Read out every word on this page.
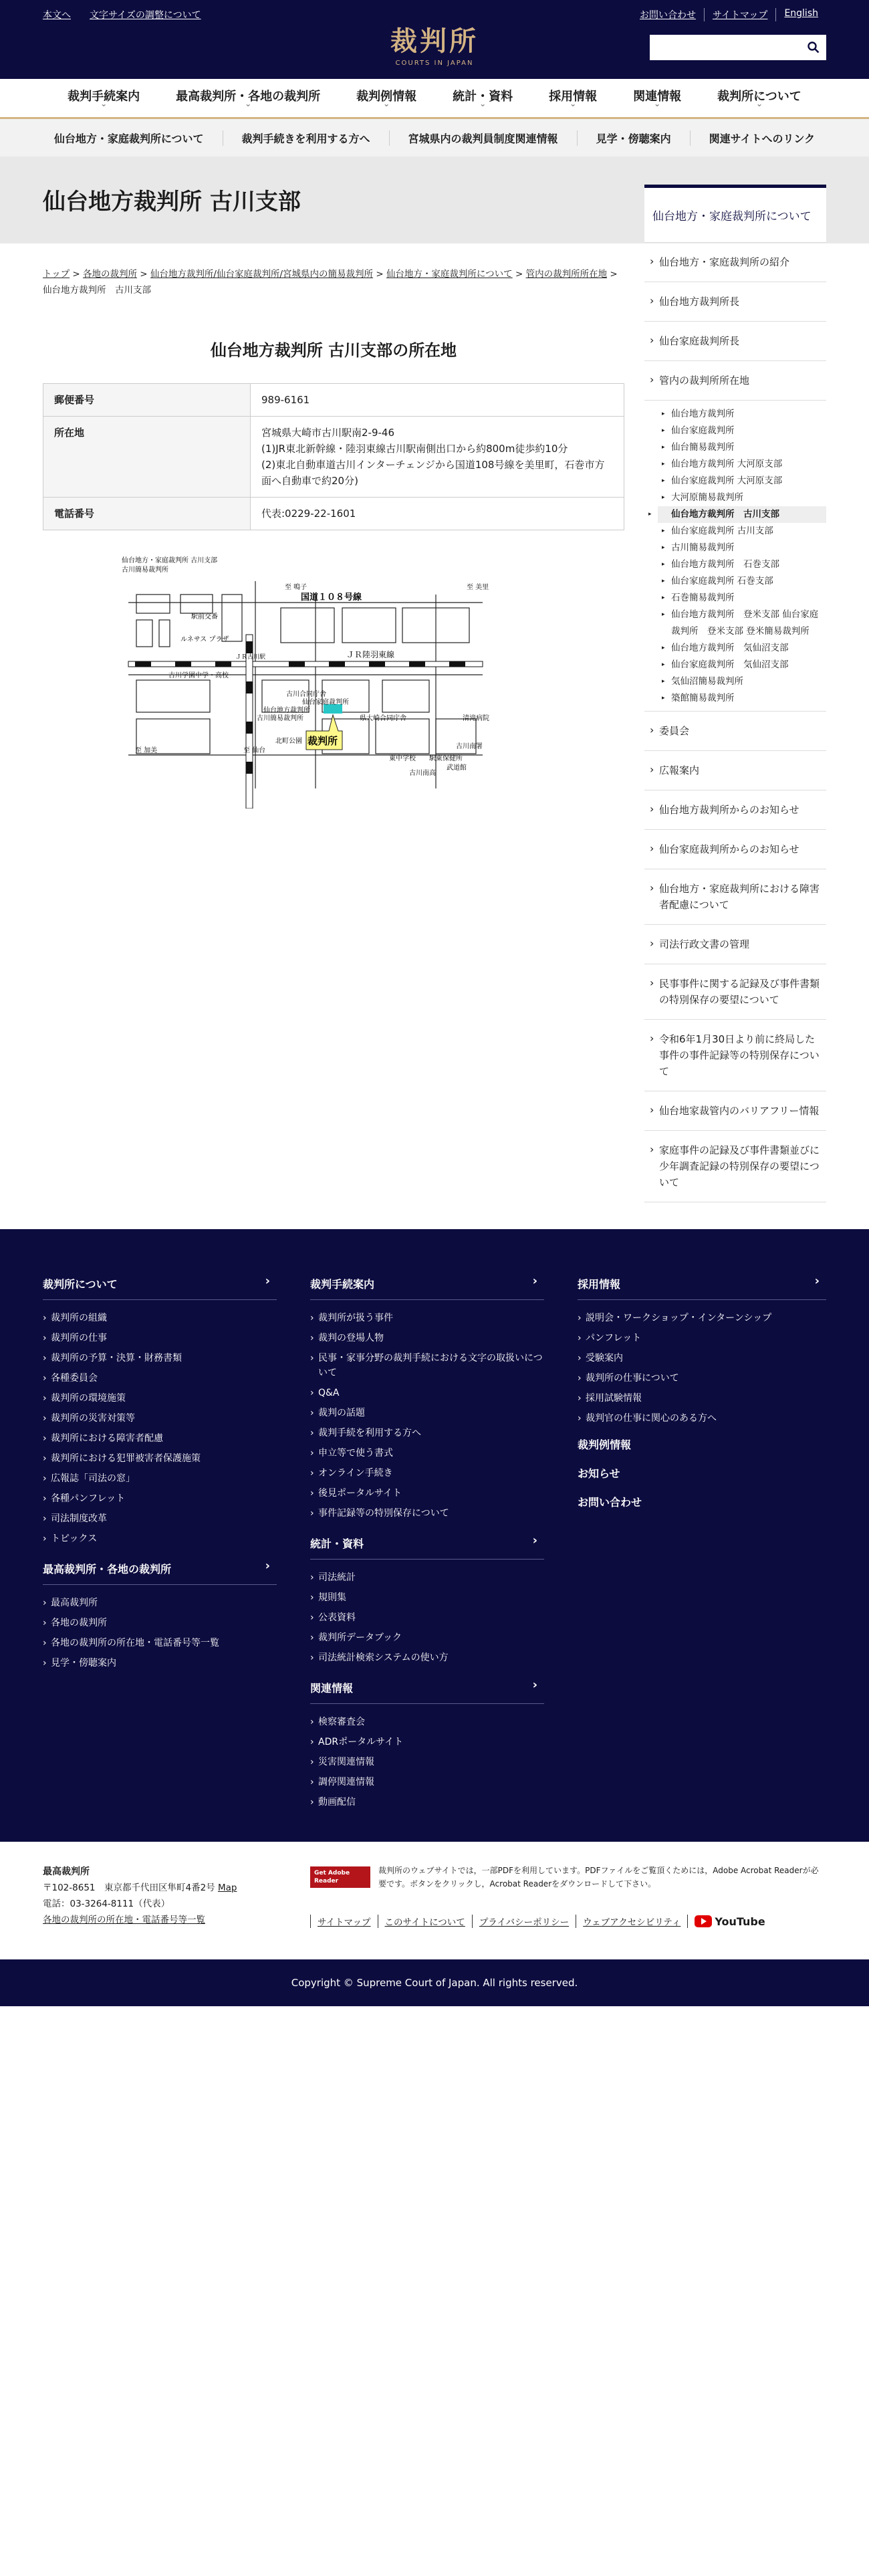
本文へ 文字サイズの調整について	お問い合わせ	サイトマップ	English
裁判所
COURTS IN JAPAN
裁判手続案内 ⌄	最高裁判所・各地の裁判所 ⌄	裁判例情報 ⌄	統計・資料 ⌄	採用情報 ⌄	関連情報 ⌄	裁判所について ⌄
仙台地方・家庭裁判所について	裁判手続きを利用する方へ	宮城県内の裁判員制度関連情報	見学・傍聴案内	関連サイトへのリンク
仙台地方裁判所 古川支部
トップ > 各地の裁判所 > 仙台地方裁判所/仙台家庭裁判所/宮城県内の簡易裁判所 > 仙台地方・家庭裁判所について > 管内の裁判所所在地 > 仙台地方裁判所　古川支部
仙台地方裁判所 古川支部の所在地
郵便番号	989-6161
所在地	宮城県大崎市古川駅南2-9-46
(1)JR東北新幹線・陸羽東線古川駅南側出口から約800m徒歩約10分
(2)東北自動車道古川インターチェンジから国道108号線を美里町，石巻市方面へ自動車で約20分)

電話番号	代表:0229-22-1601
仙台地方・家庭裁判所 古川支部
古川簡易裁判所
至 鳴子
国道１０８号線
至 美里
駅前交番
ルネサス プラザ
ＪＲ古川駅	ＪＲ陸羽東線
古川学園中学・高校
古川合同庁舎
仙台家庭裁判所
古川簡易裁判所
仙台地方裁判所
裁判所
県大崎合同庁舎	清滝病院
至 加美	至 仙台
北町公園
東中学校 駅東保健所
古川南署
武道館
古川南高
仙台地方・家庭裁判所について
› 仙台地方・家庭裁判所の紹介
› 仙台地方裁判所長
› 仙台家庭裁判所長
› 管内の裁判所所在地
▸ 仙台地方裁判所
▸ 仙台家庭裁判所
▸ 仙台簡易裁判所
▸ 仙台地方裁判所 大河原支部
▸ 仙台家庭裁判所 大河原支部
▸ 大河原簡易裁判所
▸ 仙台地方裁判所　古川支部
▸ 仙台家庭裁判所 古川支部
▸ 古川簡易裁判所
▸ 仙台地方裁判所　石巻支部
▸ 仙台家庭裁判所 石巻支部
▸ 石巻簡易裁判所
▸ 仙台地方裁判所　登米支部 仙台家庭裁判所　登米支部 登米簡易裁判所
▸ 仙台地方裁判所　気仙沼支部
▸ 仙台家庭裁判所　気仙沼支部
▸ 気仙沼簡易裁判所
▸ 築館簡易裁判所
› 委員会
› 広報案内
› 仙台地方裁判所からのお知らせ
› 仙台家庭裁判所からのお知らせ
› 仙台地方・家庭裁判所における障害者配慮について
› 司法行政文書の管理
› 民事事件に関する記録及び事件書類の特別保存の要望について
› 令和6年1月30日より前に終局した事件の事件記録等の特別保存について
› 仙台地家裁管内のバリアフリー情報
› 家庭事件の記録及び事件書類並びに少年調査記録の特別保存の要望について
裁判所について ›
› 裁判所の組織
› 裁判所の仕事
› 裁判所の予算・決算・財務書類
› 各種委員会
› 裁判所の環境施策
› 裁判所の災害対策等
› 裁判所における障害者配慮
› 裁判所における犯罪被害者保護施策
› 広報誌「司法の窓」
› 各種パンフレット
› 司法制度改革
› トピックス
最高裁判所・各地の裁判所 ›
› 最高裁判所
› 各地の裁判所
› 各地の裁判所の所在地・電話番号等一覧
› 見学・傍聴案内
裁判手続案内 ›
› 裁判所が扱う事件
› 裁判の登場人物
› 民事・家事分野の裁判手続における文字の取扱いについて
› Q&A
› 裁判の話題
› 裁判手続を利用する方へ
› 申立等で使う書式
› オンライン手続き
› 後見ポータルサイト
› 事件記録等の特別保存について
統計・資料 ›
› 司法統計
› 規則集
› 公表資料
› 裁判所データブック
› 司法統計検索システムの使い方
関連情報 ›
› 検察審査会
› ADRポータルサイト
› 災害関連情報
› 調停関連情報
› 動画配信
採用情報 ›
› 説明会・ワークショップ・インターンシップ
› パンフレット
› 受験案内
› 裁判所の仕事について
› 採用試験情報
› 裁判官の仕事に関心のある方へ
裁判例情報
お知らせ
お問い合わせ
最高裁判所
〒102-8651　東京都千代田区隼町4番2号 Map
電話：03-3264-8111（代表）
各地の裁判所の所在地・電話番号等一覧
Get Adobe Reader
裁判所のウェブサイトでは，一部PDFを利用しています。PDFファイルをご覧頂くためには，Adobe Acrobat Readerが必要です。ボタンをクリックし，Acrobat Readerをダウンロードして下さい。
サイトマップ	このサイトについて	プライバシーポリシー	ウェブアクセシビリティ	YouTube
Copyright © Supreme Court of Japan. All rights reserved.
